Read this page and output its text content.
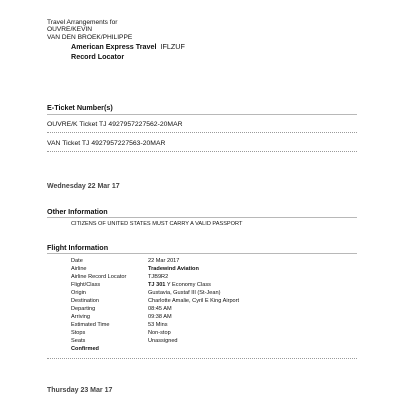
Travel Arrangements for
OUVRE/KEVIN
VAN DEN BROEK/PHILIPPE
American Express Travel IFLZUF
Record Locator
E-Ticket Number(s)
OUVRE/K Ticket TJ 4927957227562-20MAR
VAN Ticket TJ 4927957227563-20MAR
Wednesday 22 Mar 17
Other Information
CITIZENS OF UNITED STATES MUST CARRY A VALID PASSPORT
Flight Information
Date	22 Mar 2017
Airline	Tradewind Aviation
Airline Record Locator	TJB9R2
Flight/Class	TJ 301 Y Economy Class
Origin	Gustavia, Gustaf III (St-Jean)
Destination	Charlotte Amalie, Cyril E King Airport
Departing	08:45 AM
Arriving	09:38 AM
Estimated Time	53 Mins
Stops	Non-stop
Seats	Unassigned
Confirmed
Thursday 23 Mar 17
